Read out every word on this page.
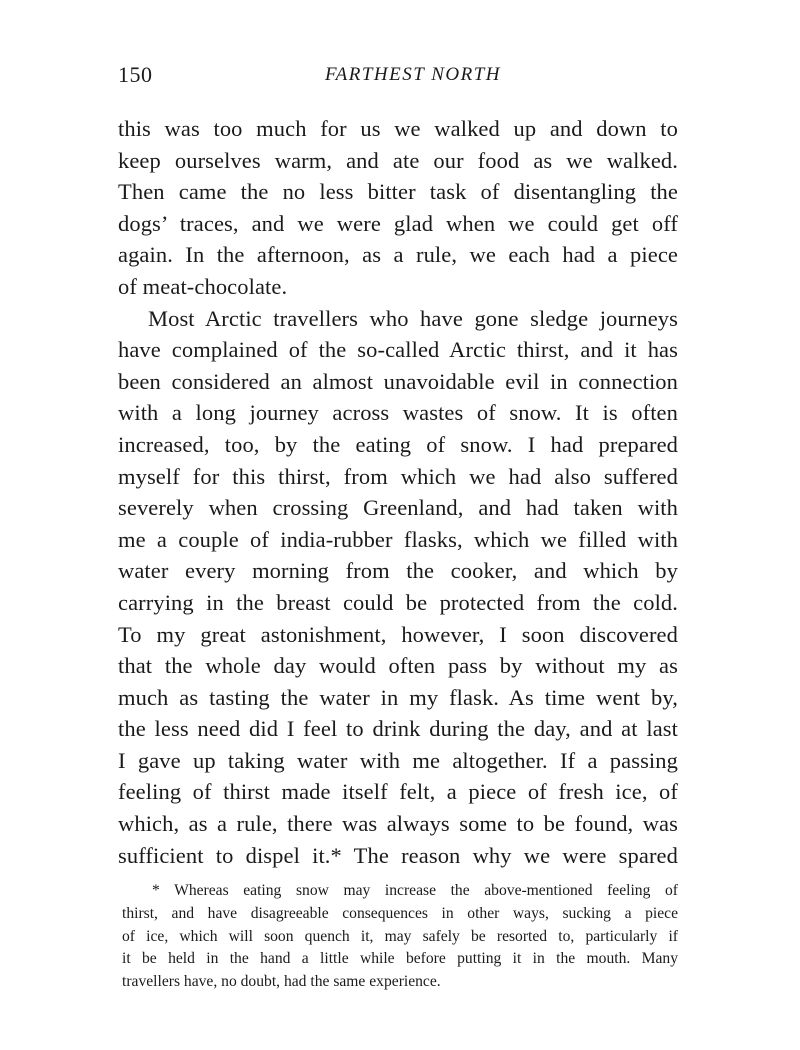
150	FARTHEST NORTH
this was too much for us we walked up and down to
keep ourselves warm, and ate our food as we walked.
Then came the no less bitter task of disentangling the
dogs’ traces, and we were glad when we could get off
again. In the afternoon, as a rule, we each had a piece
of meat-chocolate.
Most Arctic travellers who have gone sledge journeys
have complained of the so-called Arctic thirst, and it has
been considered an almost unavoidable evil in connection
with a long journey across wastes of snow. It is often
increased, too, by the eating of snow. I had prepared
myself for this thirst, from which we had also suffered
severely when crossing Greenland, and had taken with
me a couple of india-rubber flasks, which we filled with
water every morning from the cooker, and which by
carrying in the breast could be protected from the cold.
To my great astonishment, however, I soon discovered
that the whole day would often pass by without my as
much as tasting the water in my flask. As time went by,
the less need did I feel to drink during the day, and at last
I gave up taking water with me altogether. If a passing
feeling of thirst made itself felt, a piece of fresh ice, of
which, as a rule, there was always some to be found, was
sufficient to dispel it.* The reason why we were spared
* Whereas eating snow may increase the above-mentioned feeling of
thirst, and have disagreeable consequences in other ways, sucking a piece
of ice, which will soon quench it, may safely be resorted to, particularly if
it be held in the hand a little while before putting it in the mouth. Many
travellers have, no doubt, had the same experience.
